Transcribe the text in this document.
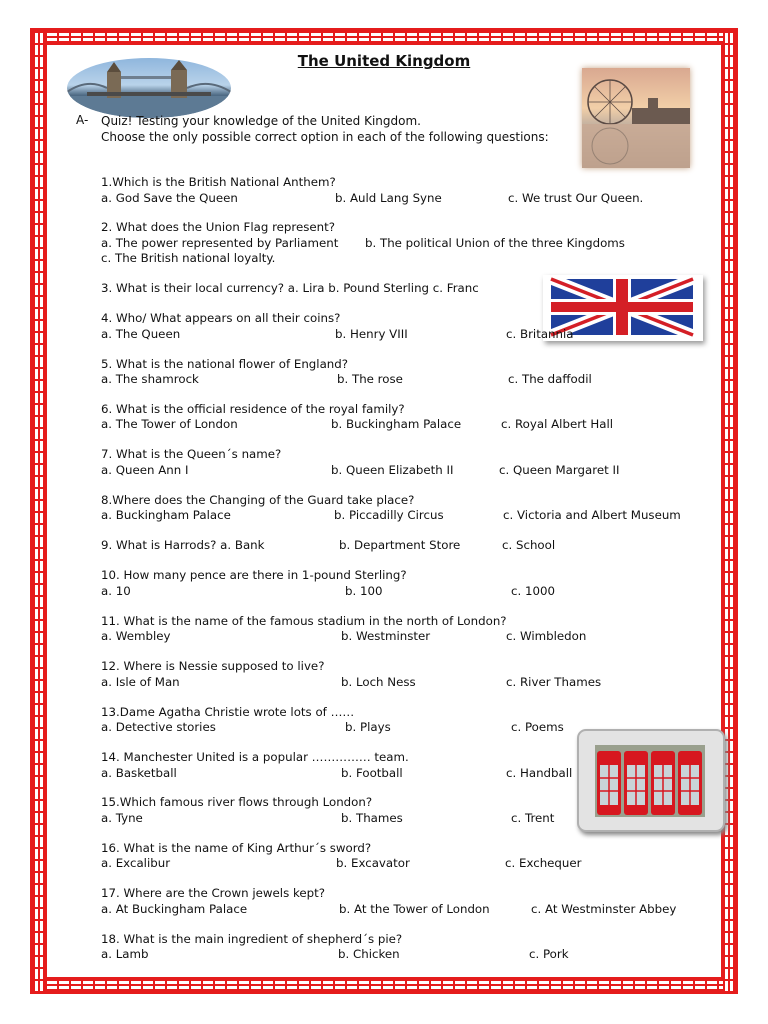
The United Kingdom
A- Quiz! Testing your knowledge of the United Kingdom.
Choose the only possible correct option in each of the following questions:
1.Which is the British National Anthem?
a. God Save the Queen	b. Auld Lang Syne	c. We trust Our Queen.
2. What does the Union Flag represent?
a. The power represented by Parliament b. The political Union of the three Kingdoms
c. The British national loyalty.
3. What is their local currency? a. Lira b. Pound Sterling c. Franc
4. Who/ What appears on all their coins?
a. The Queen	b. Henry VIII	c. Britannia
5. What is the national flower of England?
a. The shamrock	b. The rose	c. The daffodil
6. What is the official residence of the royal family?
a. The Tower of London	b. Buckingham Palace	c. Royal Albert Hall
7. What is the Queen´s name?
a. Queen Ann I	b. Queen Elizabeth II	c. Queen Margaret II
8.Where does the Changing of the Guard take place?
a. Buckingham Palace	b. Piccadilly Circus	c. Victoria and Albert Museum
9. What is Harrods? a. Bank	b. Department Store	c. School
10. How many pence are there in 1-pound Sterling?
a. 10	b. 100	c. 1000
11. What is the name of the famous stadium in the north of London?
a. Wembley	b. Westminster	c. Wimbledon
12. Where is Nessie supposed to live?
a. Isle of Man	b. Loch Ness	c. River Thames
13.Dame Agatha Christie wrote lots of ……
a. Detective stories	b. Plays	c. Poems
14. Manchester United is a popular …………… team.
a. Basketball	b. Football	c. Handball
15.Which famous river flows through London?
a. Tyne	b. Thames	c. Trent
16. What is the name of King Arthur´s sword?
a. Excalibur	b. Excavator	c. Exchequer
17. Where are the Crown jewels kept?
a. At Buckingham Palace	b. At the Tower of London	c. At Westminster Abbey
18. What is the main ingredient of shepherd´s pie?
a. Lamb	b. Chicken	c. Pork
